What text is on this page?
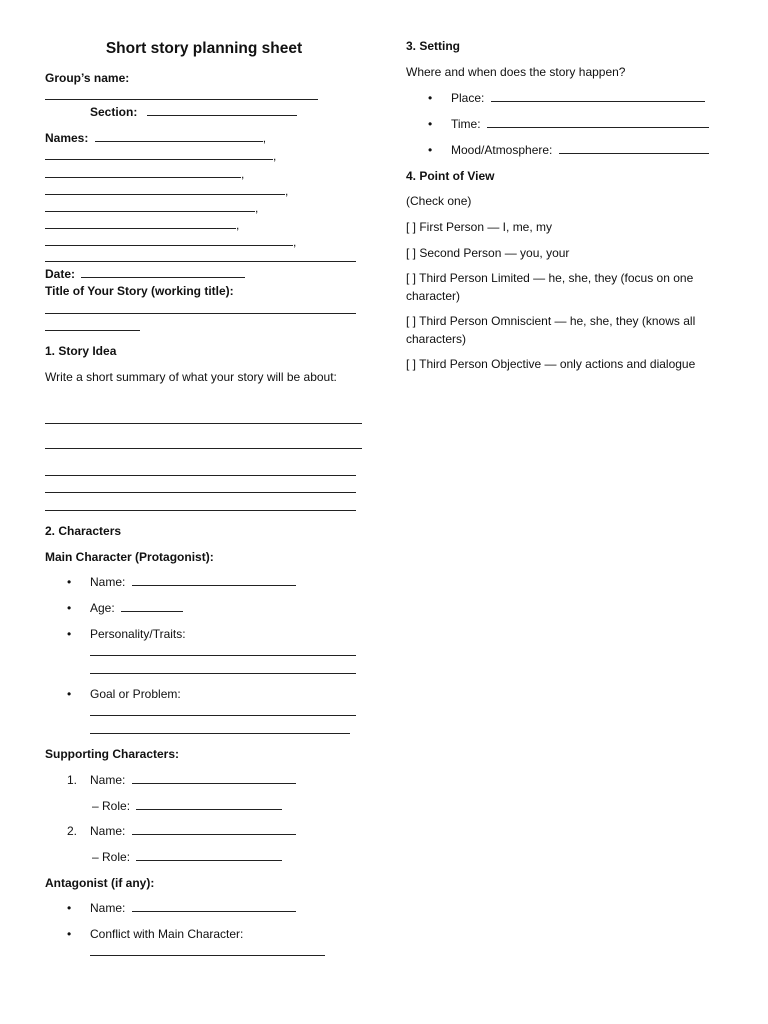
Short story planning sheet
Group’s name:
Section:
Names:	,
,
,
,
,
,
,
Date:
Title of Your Story (working title):
1. Story Idea
Write a short summary of what your story will be about:
2. Characters
Main Character (Protagonist):
• Name:
• Age:
• Personality/Traits:
• Goal or Problem:
Supporting Characters:
1. Name:
– Role:
2. Name:
– Role:
Antagonist (if any):
• Name:
• Conflict with Main Character:
3. Setting
Where and when does the story happen?
• Place:
• Time:
• Mood/Atmosphere:
4. Point of View
(Check one)
[ ] First Person — I, me, my
[ ] Second Person — you, your
[ ] Third Person Limited — he, she, they (focus on one character)
[ ] Third Person Omniscient — he, she, they (knows all characters)
[ ] Third Person Objective — only actions and dialogue
